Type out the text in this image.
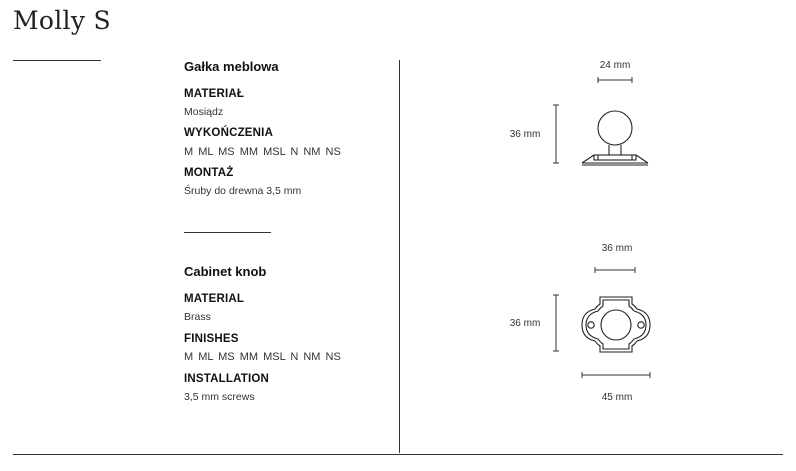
Molly S
Gałka meblowa
MATERIAŁ
Mosiądz
WYKOŃCZENIA
M ML MS MM MSL N NM NS
MONTAŻ
Śruby do drewna 3,5 mm
Cabinet knob
MATERIAL
Brass
FINISHES
M ML MS MM MSL N NM NS
INSTALLATION
3,5 mm screws
24 mm
36 mm
36 mm
36 mm
45 mm
